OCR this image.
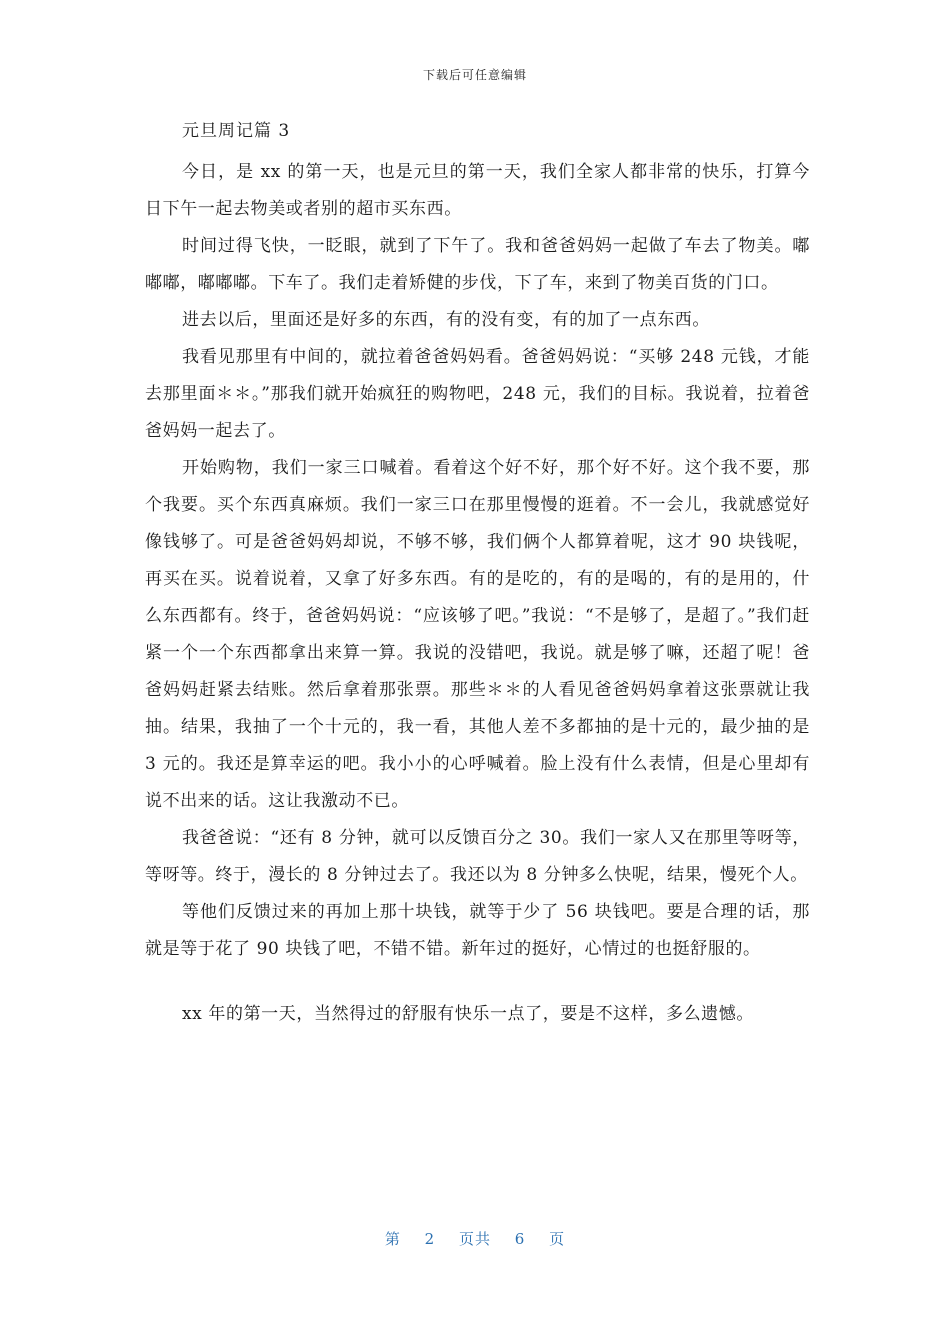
下载后可任意编辑
元旦周记篇 3

今日，是 xx 的第一天，也是元旦的第一天，我们全家人都非常的快乐，打算今日下午一起去物美或者别的超市买东西。

时间过得飞快，一眨眼，就到了下午了。我和爸爸妈妈一起做了车去了物美。嘟嘟嘟，嘟嘟嘟。下车了。我们走着矫健的步伐，下了车，来到了物美百货的门口。

进去以后，里面还是好多的东西，有的没有变，有的加了一点东西。

我看见那里有中间的，就拉着爸爸妈妈看。爸爸妈妈说：“买够 248 元钱，才能去那里面＊＊。”那我们就开始疯狂的购物吧，248 元，我们的目标。我说着，拉着爸爸妈妈一起去了。

开始购物，我们一家三口喊着。看着这个好不好，那个好不好。这个我不要，那个我要。买个东西真麻烦。我们一家三口在那里慢慢的逛着。不一会儿，我就感觉好像钱够了。可是爸爸妈妈却说，不够不够，我们俩个人都算着呢，这才 90 块钱呢，再买在买。说着说着，又拿了好多东西。有的是吃的，有的是喝的，有的是用的，什么东西都有。终于，爸爸妈妈说：“应该够了吧。”我说：“不是够了，是超了。”我们赶紧一个一个东西都拿出来算一算。我说的没错吧，我说。就是够了嘛，还超了呢！爸爸妈妈赶紧去结账。然后拿着那张票。那些＊＊的人看见爸爸妈妈拿着这张票就让我抽。结果，我抽了一个十元的，我一看，其他人差不多都抽的是十元的，最少抽的是 3 元的。我还是算幸运的吧。我小小的心呼喊着。脸上没有什么表情，但是心里却有说不出来的话。这让我激动不已。

我爸爸说：“还有 8 分钟，就可以反馈百分之 30。我们一家人又在那里等呀等，等呀等。终于，漫长的 8 分钟过去了。我还以为 8 分钟多么快呢，结果，慢死个人。

等他们反馈过来的再加上那十块钱，就等于少了 56 块钱吧。要是合理的话，那就是等于花了 90 块钱了吧，不错不错。新年过的挺好，心情过的也挺舒服的。

xx 年的第一天，当然得过的舒服有快乐一点了，要是不这样，多么遗憾。

第 2 页共 6 页
